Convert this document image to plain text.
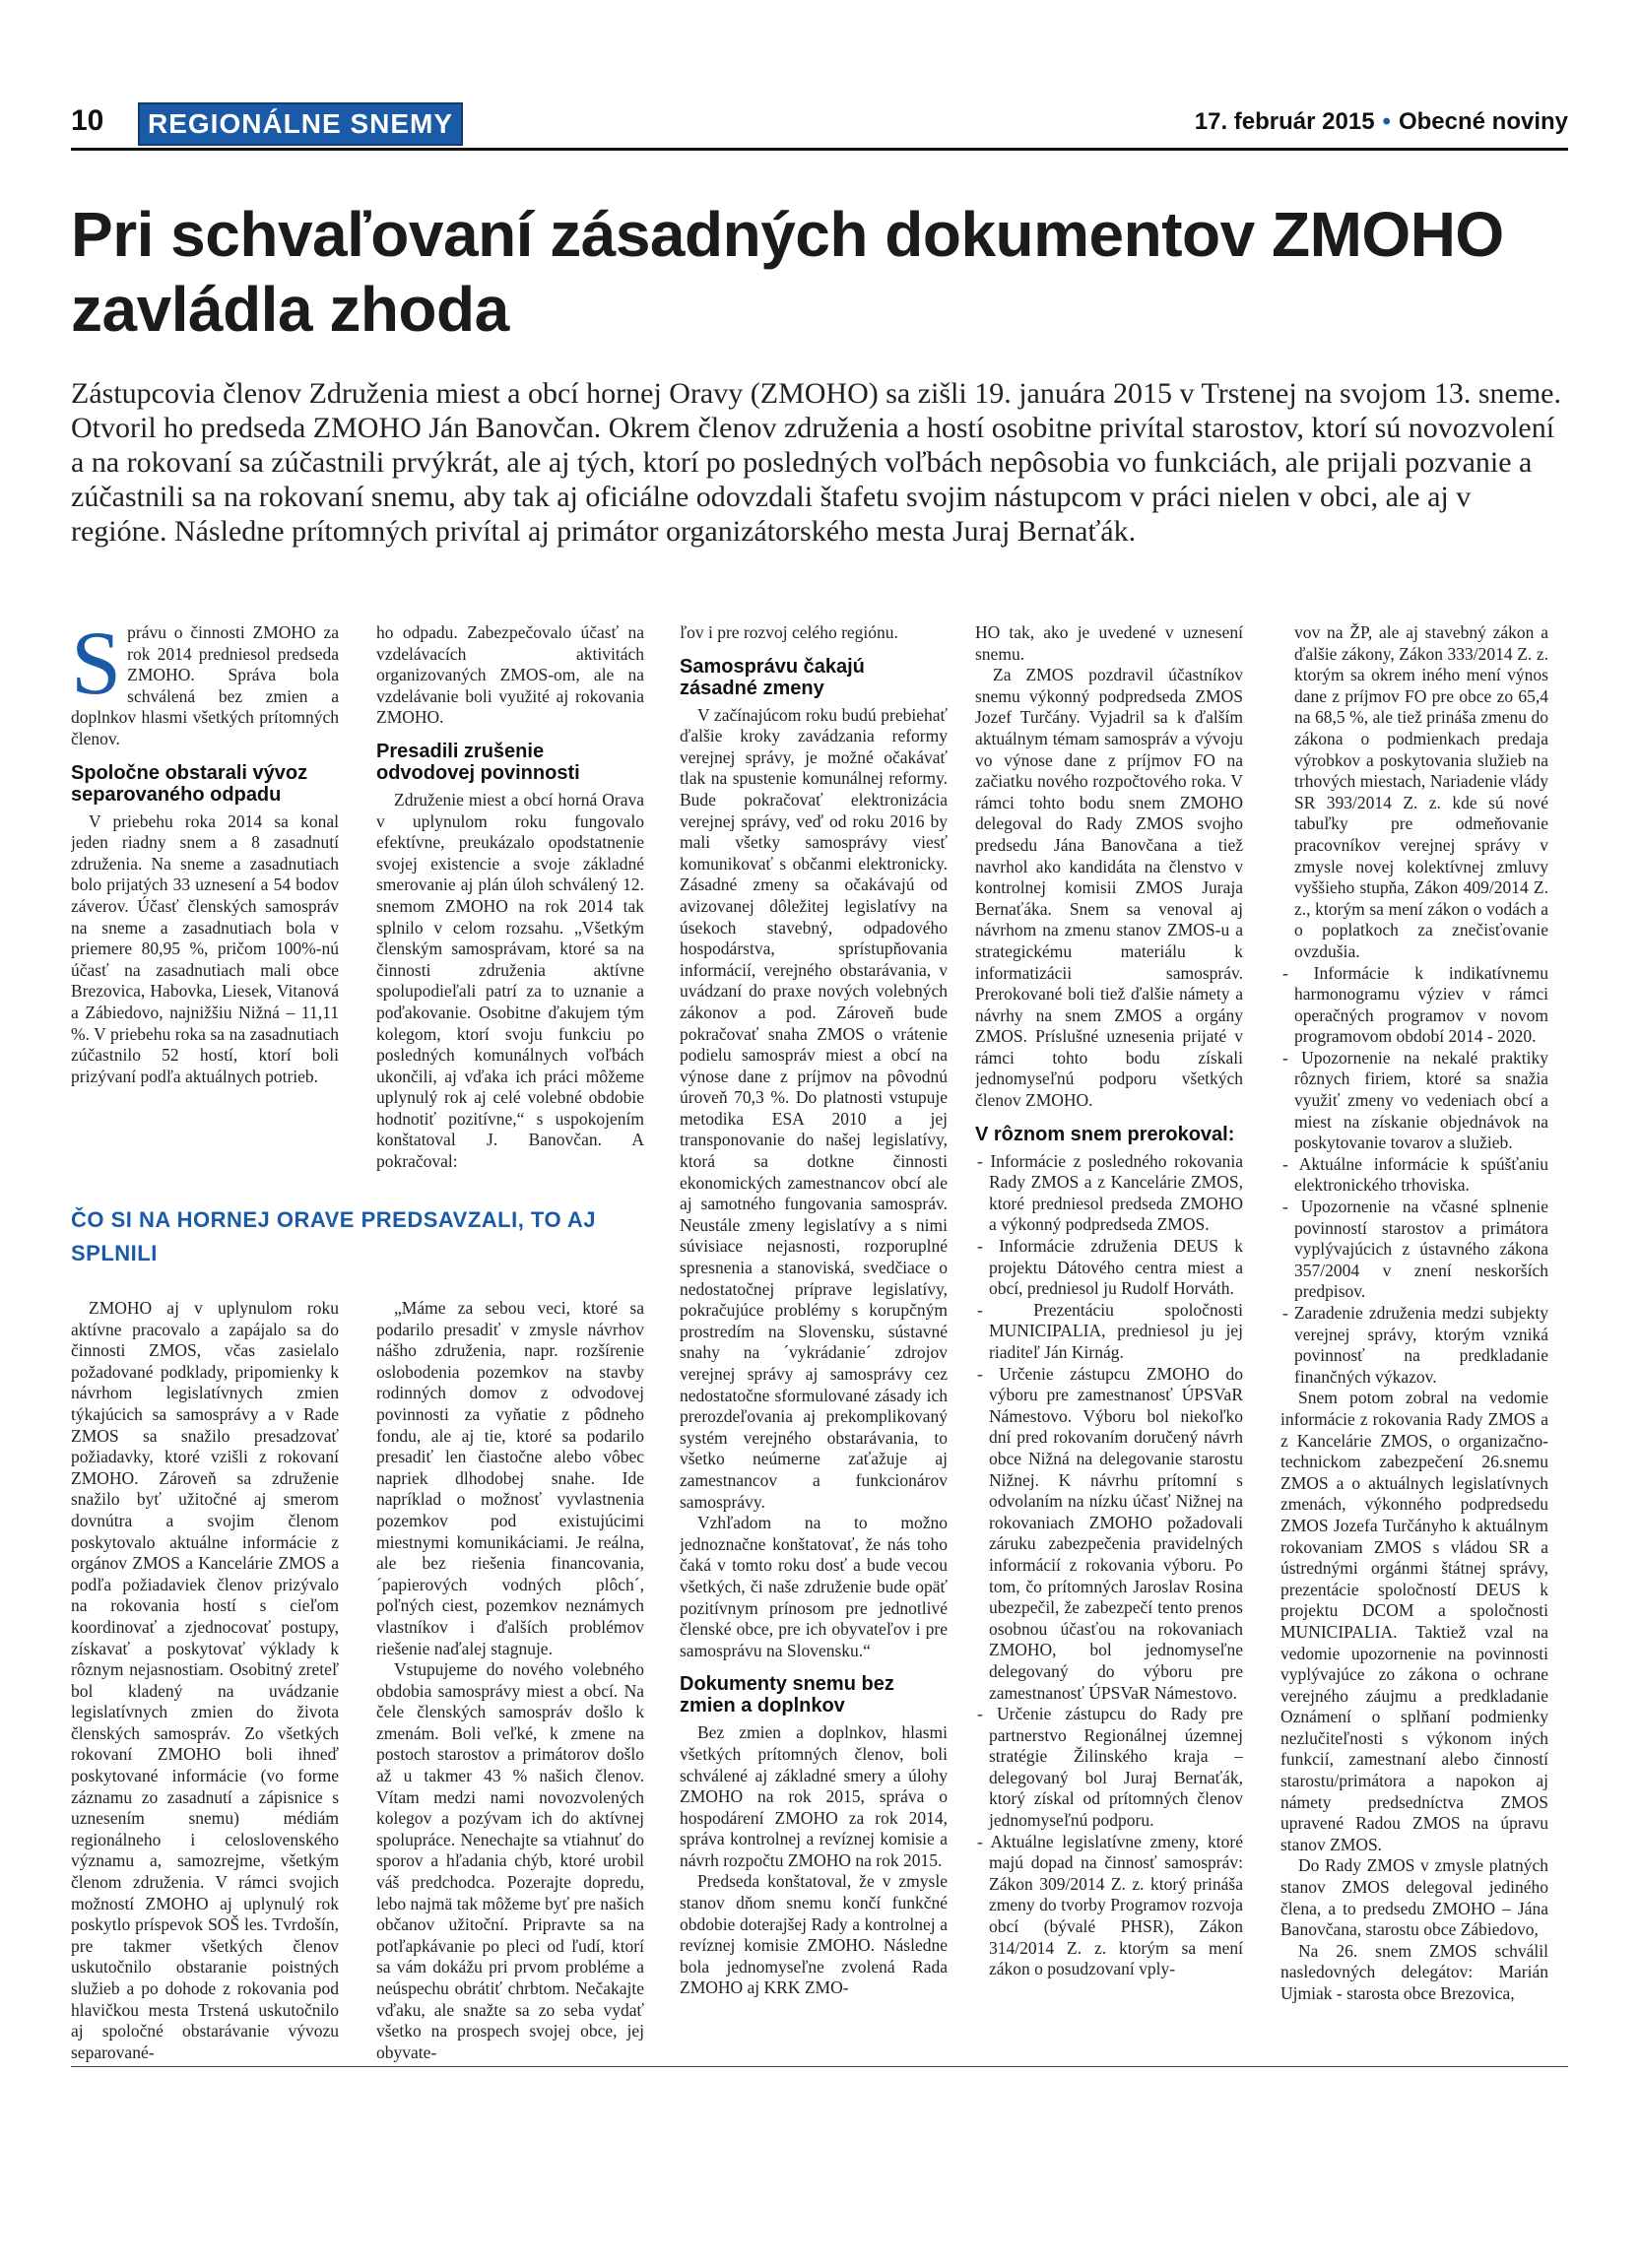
10	REGIONÁLNE SNEMY	17. február 2015 • Obecné noviny
Pri schvaľovaní zásadných dokumentov ZMOHO zavládla zhoda

Zástupcovia členov Združenia miest a obcí hornej Oravy (ZMOHO) sa zišli 19. januára 2015 v Trstenej na svojom 13. sneme. Otvoril ho predseda ZMOHO Ján Banovčan. Okrem členov združenia a hostí osobitne privítal starostov, ktorí sú novozvolení a na rokovaní sa zúčastnili prvýkrát, ale aj tých, ktorí po posledných voľbách nepôsobia vo funkciách, ale prijali pozvanie a zúčastnili sa na rokovaní snemu, aby tak aj oficiálne odovzdali štafetu svojim nástupcom v práci nielen v obci, ale aj v regióne. Následne prítomných privítal aj primátor organizátorského mesta Juraj Bernaťák.

S právu o činnosti ZMOHO za rok 2014 predniesol predseda ZMOHO. Správa bola schválená bez zmien a doplnkov hlasmi všetkých prítomných členov.

Spoločne obstarali vývoz separovaného odpadu

V priebehu roka 2014 sa konal jeden riadny snem a 8 zasadnutí združenia. Na sneme a zasadnutiach bolo prijatých 33 uznesení a 54 bodov záverov. Účasť členských samospráv na sneme a zasadnutiach bola v priemere 80,95 %, pričom 100%-nú účasť na zasadnutiach mali obce Brezovica, Habovka, Liesek, Vitanová a Zábiedovo, najnižšiu Nižná – 11,11 %. V priebehu roka sa na zasadnutiach zúčastnilo 52 hostí, ktorí boli prizývaní podľa aktuálnych potrieb.

ho odpadu. Zabezpečovalo účasť na vzdelávacích aktivitách organizovaných ZMOS-om, ale na vzdelávanie boli využité aj rokovania ZMOHO.

Presadili zrušenie odvodovej povinnosti

Združenie miest a obcí horná Orava v uplynulom roku fungovalo efektívne, preukázalo opodstatnenie svojej existencie a svoje základné smerovanie aj plán úloh schválený 12. snemom ZMOHO na rok 2014 tak splnilo v celom rozsahu. „Všetkým členským samosprávam, ktoré sa na činnosti združenia aktívne spolupodieľali patrí za to uznanie a poďakovanie. Osobitne ďakujem tým kolegom, ktorí svoju funkciu po posledných komunálnych voľbách ukončili, aj vďaka ich práci môžeme uplynulý rok aj celé volebné obdobie hodnotiť pozitívne,“ s uspokojením konštatoval J. Banovčan. A pokračoval:

ČO SI NA HORNEJ ORAVE PREDSAVZALI, TO AJ SPLNILI

ZMOHO aj v uplynulom roku aktívne pracovalo a zapájalo sa do činnosti ZMOS, včas zasielalo požadované podklady, pripomienky k návrhom legislatívnych zmien týkajúcich sa samosprávy a v Rade ZMOS sa snažilo presadzovať požiadavky, ktoré vzišli z rokovaní ZMOHO. Zároveň sa združenie snažilo byť užitočné aj smerom dovnútra a svojim členom poskytovalo aktuálne informácie z orgánov ZMOS a Kancelárie ZMOS a podľa požiadaviek členov prizývalo na rokovania hostí s cieľom koordinovať a zjednocovať postupy, získavať a poskytovať výklady k rôznym nejasnostiam. Osobitný zreteľ bol kladený na uvádzanie legislatívnych zmien do života členských samospráv. Zo všetkých rokovaní ZMOHO boli ihneď poskytované informácie (vo forme záznamu zo zasadnutí a zápisnice s uznesením snemu) médiám regionálneho i celoslovenského významu a, samozrejme, všetkým členom združenia. V rámci svojich možností ZMOHO aj uplynulý rok poskytlo príspevok SOŠ les. Tvrdošín, pre takmer všetkých členov uskutočnilo obstaranie poistných služieb a po dohode z rokovania pod hlavičkou mesta Trstená uskutočnilo aj spoločné obstarávanie vývozu separované-

„Máme za sebou veci, ktoré sa podarilo presadiť v zmysle návrhov nášho združenia, napr. rozšírenie oslobodenia pozemkov na stavby rodinných domov z odvodovej povinnosti za vyňatie z pôdneho fondu, ale aj tie, ktoré sa podarilo presadiť len čiastočne alebo vôbec napriek dlhodobej snahe. Ide napríklad o možnosť vyvlastnenia pozemkov pod existujúcimi miestnymi komunikáciami. Je reálna, ale bez riešenia financovania, ´papierových vodných plôch´, poľných ciest, pozemkov neznámych vlastníkov i ďalších problémov riešenie naďalej stagnuje.

Vstupujeme do nového volebného obdobia samosprávy miest a obcí. Na čele členských samospráv došlo k zmenám. Boli veľké, k zmene na postoch starostov a primátorov došlo až u takmer 43 % našich členov. Vítam medzi nami novozvolených kolegov a pozývam ich do aktívnej spolupráce. Nenechajte sa vtiahnuť do sporov a hľadania chýb, ktoré urobil váš predchodca. Pozerajte dopredu, lebo najmä tak môžeme byť pre našich občanov užitoční. Pripravte sa na potľapkávanie po pleci od ľudí, ktorí sa vám dokážu pri prvom probléme a neúspechu obrátiť chrbtom. Nečakajte vďaku, ale snažte sa zo seba vydať všetko na prospech svojej obce, jej obyvate-

ľov i pre rozvoj celého regiónu.

Samosprávu čakajú zásadné zmeny

V začínajúcom roku budú prebiehať ďalšie kroky zavádzania reformy verejnej správy, je možné očakávať tlak na spustenie komunálnej reformy. Bude pokračovať elektronizácia verejnej správy, veď od roku 2016 by mali všetky samosprávy viesť komunikovať s občanmi elektronicky. Zásadné zmeny sa očakávajú od avizovanej dôležitej legislatívy na úsekoch stavebný, odpadového hospodárstva, sprístupňovania informácií, verejného obstarávania, v uvádzaní do praxe nových volebných zákonov a pod. Zároveň bude pokračovať snaha ZMOS o vrátenie podielu samospráv miest a obcí na výnose dane z príjmov na pôvodnú úroveň 70,3 %. Do platnosti vstupuje metodika ESA 2010 a jej transponovanie do našej legislatívy, ktorá sa dotkne činnosti ekonomických zamestnancov obcí ale aj samotného fungovania samospráv. Neustále zmeny legislatívy a s nimi súvisiace nejasnosti, rozporuplné spresnenia a stanoviská, svedčiace o nedostatočnej príprave legislatívy, pokračujúce problémy s korupčným prostredím na Slovensku, sústavné snahy na ´vykrádanie´ zdrojov verejnej správy aj samosprávy cez nedostatočne sformulované zásady ich prerozdeľovania aj prekomplikovaný systém verejného obstarávania, to všetko neúmerne zaťažuje aj zamestnancov a funkcionárov samosprávy.

Vzhľadom na to možno jednoznačne konštatovať, že nás toho čaká v tomto roku dosť a bude vecou všetkých, či naše združenie bude opäť pozitívnym prínosom pre jednotlivé členské obce, pre ich obyvateľov i pre samosprávu na Slovensku.“

Dokumenty snemu bez zmien a doplnkov

Bez zmien a doplnkov, hlasmi všetkých prítomných členov, boli schválené aj základné smery a úlohy ZMOHO na rok 2015, správa o hospodárení ZMOHO za rok 2014, správa kontrolnej a revíznej komisie a návrh rozpočtu ZMOHO na rok 2015.

Predseda konštatoval, že v zmysle stanov dňom snemu končí funkčné obdobie doterajšej Rady a kontrolnej a revíznej komisie ZMOHO. Následne bola jednomyseľne zvolená Rada ZMOHO aj KRK ZMO-

HO tak, ako je uvedené v uznesení snemu.

Za ZMOS pozdravil účastníkov snemu výkonný podpredseda ZMOS Jozef Turčány. Vyjadril sa k ďalším aktuálnym témam samospráv a vývoju vo výnose dane z príjmov FO na začiatku nového rozpočtového roka. V rámci tohto bodu snem ZMOHO delegoval do Rady ZMOS svojho predsedu Jána Banovčana a tiež navrhol ako kandidáta na členstvo v kontrolnej komisii ZMOS Juraja Bernaťáka. Snem sa venoval aj návrhom na zmenu stanov ZMOS-u a strategickému materiálu k informatizácii samospráv. Prerokované boli tiež ďalšie námety a návrhy na snem ZMOS a orgány ZMOS. Príslušné uznesenia prijaté v rámci tohto bodu získali jednomyseľnú podporu všetkých členov ZMOHO.

V rôznom snem prerokoval:
- Informácie z posledného rokovania Rady ZMOS a z Kancelárie ZMOS, ktoré predniesol predseda ZMOHO a výkonný podpredseda ZMOS.
- Informácie združenia DEUS k projektu Dátového centra miest a obcí, predniesol ju Rudolf Horváth.
- Prezentáciu spoločnosti MUNICIPALIA, predniesol ju jej riaditeľ Ján Kirnág.
- Určenie zástupcu ZMOHO do výboru pre zamestnanosť ÚPSVaR Námestovo. Výboru bol niekoľko dní pred rokovaním doručený návrh obce Nižná na delegovanie starostu Nižnej. K návrhu prítomní s odvolaním na nízku účasť Nižnej na rokovaniach ZMOHO požadovali záruku zabezpečenia pravidelných informácií z rokovania výboru. Po tom, čo prítomných Jaroslav Rosina ubezpečil, že zabezpečí tento prenos osobnou účasťou na rokovaniach ZMOHO, bol jednomyseľne delegovaný do výboru pre zamestnanosť ÚPSVaR Námestovo.
- Určenie zástupcu do Rady pre partnerstvo Regionálnej územnej stratégie Žilinského kraja – delegovaný bol Juraj Bernaťák, ktorý získal od prítomných členov jednomyseľnú podporu.
- Aktuálne legislatívne zmeny, ktoré majú dopad na činnosť samospráv: Zákon 309/2014 Z. z. ktorý prináša zmeny do tvorby Programov rozvoja obcí (bývalé PHSR), Zákon 314/2014 Z. z. ktorým sa mení zákon o posudzovaní vply-
vov na ŽP, ale aj stavebný zákon a ďalšie zákony, Zákon 333/2014 Z. z. ktorým sa okrem iného mení výnos dane z príjmov FO pre obce zo 65,4 na 68,5 %, ale tiež prináša zmenu do zákona o podmienkach predaja výrobkov a poskytovania služieb na trhových miestach, Nariadenie vlády SR 393/2014 Z. z. kde sú nové tabuľky pre odmeňovanie pracovníkov verejnej správy v zmysle novej kolektívnej zmluvy vyššieho stupňa, Zákon 409/2014 Z. z., ktorým sa mení zákon o vodách a o poplatkoch za znečisťovanie ovzdušia.
- Informácie k indikatívnemu harmonogramu výziev v rámci operačných programov v novom programovom období 2014 - 2020.
- Upozornenie na nekalé praktiky rôznych firiem, ktoré sa snažia využiť zmeny vo vedeniach obcí a miest na získanie objednávok na poskytovanie tovarov a služieb.
- Aktuálne informácie k spúšťaniu elektronického trhoviska.
- Upozornenie na včasné splnenie povinností starostov a primátora vyplývajúcich z ústavného zákona 357/2004 v znení neskorších predpisov.
- Zaradenie združenia medzi subjekty verejnej správy, ktorým vzniká povinnosť na predkladanie finančných výkazov.

Snem potom zobral na vedomie informácie z rokovania Rady ZMOS a z Kancelárie ZMOS, o organizačno-technickom zabezpečení 26.snemu ZMOS a o aktuálnych legislatívnych zmenách, výkonného podpredsedu ZMOS Jozefa Turčányho k aktuálnym rokovaniam ZMOS s vládou SR a ústrednými orgánmi štátnej správy, prezentácie spoločností DEUS k projektu DCOM a spoločnosti MUNICIPALIA. Taktiež vzal na vedomie upozornenie na povinnosti vyplývajúce zo zákona o ochrane verejného záujmu a predkladanie Oznámení o splňaní podmienky nezlučiteľnosti s výkonom iných funkcií, zamestnaní alebo činností starostu/primátora a napokon aj námety predsedníctva ZMOS upravené Radou ZMOS na úpravu stanov ZMOS.

Do Rady ZMOS v zmysle platných stanov ZMOS delegoval jediného člena, a to predsedu ZMOHO – Jána Banovčana, starostu obce Zábiedovo,

Na 26. snem ZMOS schválil nasledovných delegátov: Marián Ujmiak - starosta obce Brezovica,
